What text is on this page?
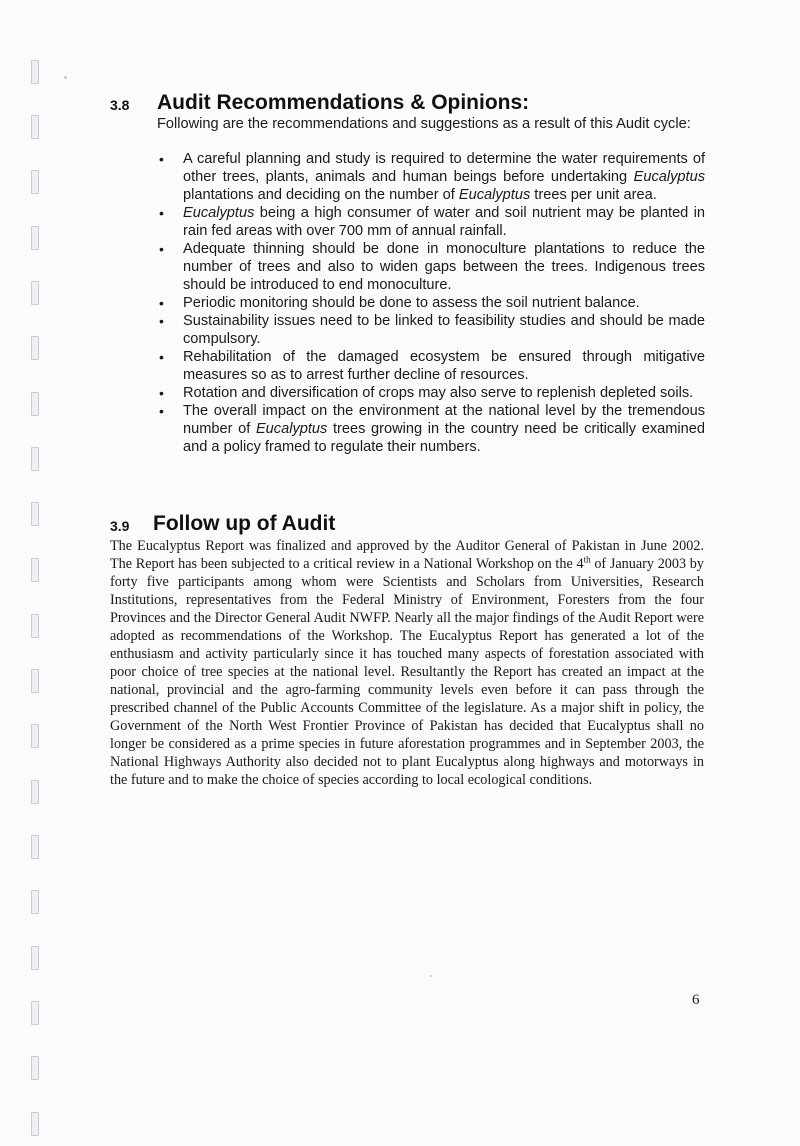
3.8 Audit Recommendations & Opinions:
Following are the recommendations and suggestions as a result of this Audit cycle:
• A careful planning and study is required to determine the water requirements of other trees, plants, animals and human beings before undertaking Eucalyptus plantations and deciding on the number of Eucalyptus trees per unit area.
• Eucalyptus being a high consumer of water and soil nutrient may be planted in rain fed areas with over 700 mm of annual rainfall.
• Adequate thinning should be done in monoculture plantations to reduce the number of trees and also to widen gaps between the trees. Indigenous trees should be introduced to end monoculture.
• Periodic monitoring should be done to assess the soil nutrient balance.
• Sustainability issues need to be linked to feasibility studies and should be made compulsory.
• Rehabilitation of the damaged ecosystem be ensured through mitigative measures so as to arrest further decline of resources.
• Rotation and diversification of crops may also serve to replenish depleted soils.
• The overall impact on the environment at the national level by the tremendous number of Eucalyptus trees growing in the country need be critically examined and a policy framed to regulate their numbers.
3.9 Follow up of Audit
The Eucalyptus Report was finalized and approved by the Auditor General of Pakistan in June 2002. The Report has been subjected to a critical review in a National Workshop on the 4th of January 2003 by forty five participants among whom were Scientists and Scholars from Universities, Research Institutions, representatives from the Federal Ministry of Environment, Foresters from the four Provinces and the Director General Audit NWFP. Nearly all the major findings of the Audit Report were adopted as recommendations of the Workshop. The Eucalyptus Report has generated a lot of the enthusiasm and activity particularly since it has touched many aspects of forestation associated with poor choice of tree species at the national level. Resultantly the Report has created an impact at the national, provincial and the agro-farming community levels even before it can pass through the prescribed channel of the Public Accounts Committee of the legislature. As a major shift in policy, the Government of the North West Frontier Province of Pakistan has decided that Eucalyptus shall no longer be considered as a prime species in future aforestation programmes and in September 2003, the National Highways Authority also decided not to plant Eucalyptus along highways and motorways in the future and to make the choice of species according to local ecological conditions.
6
